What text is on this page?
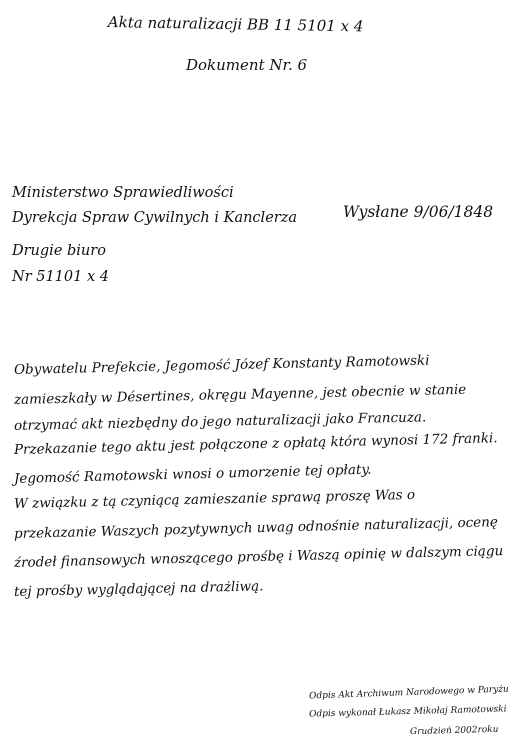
Akta naturalizacji BB 11 5101 x 4
Dokument Nr. 6
Ministerstwo Sprawiedliwości
Dyrekcja Spraw Cywilnych i Kanclerza
Drugie biuro
Nr 51101 x 4
Wysłane 9/06/1848
Obywatelu Prefekcie, Jegomość Józef Konstanty Ramotowski
zamieszkały w Désertines, okręgu Mayenne, jest obecnie w stanie
otrzymać akt niezbędny do jego naturalizacji jako Francuza.
Przekazanie tego aktu jest połączone z opłatą która wynosi 172 franki.
Jegomość Ramotowski wnosi o umorzenie tej opłaty.
W związku z tą czyniącą zamieszanie sprawą proszę Was o
przekazanie Waszych pozytywnych uwag odnośnie naturalizacji, ocenę
źrodeł finansowych wnoszącego prośbę i Waszą opinię w dalszym ciągu
tej prośby wyglądającej na drażliwą.
Odpis Akt Archiwum Narodowego w Paryżu
Odpis wykonał Łukasz Mikołaj Ramotowski
Grudzień 2002roku
